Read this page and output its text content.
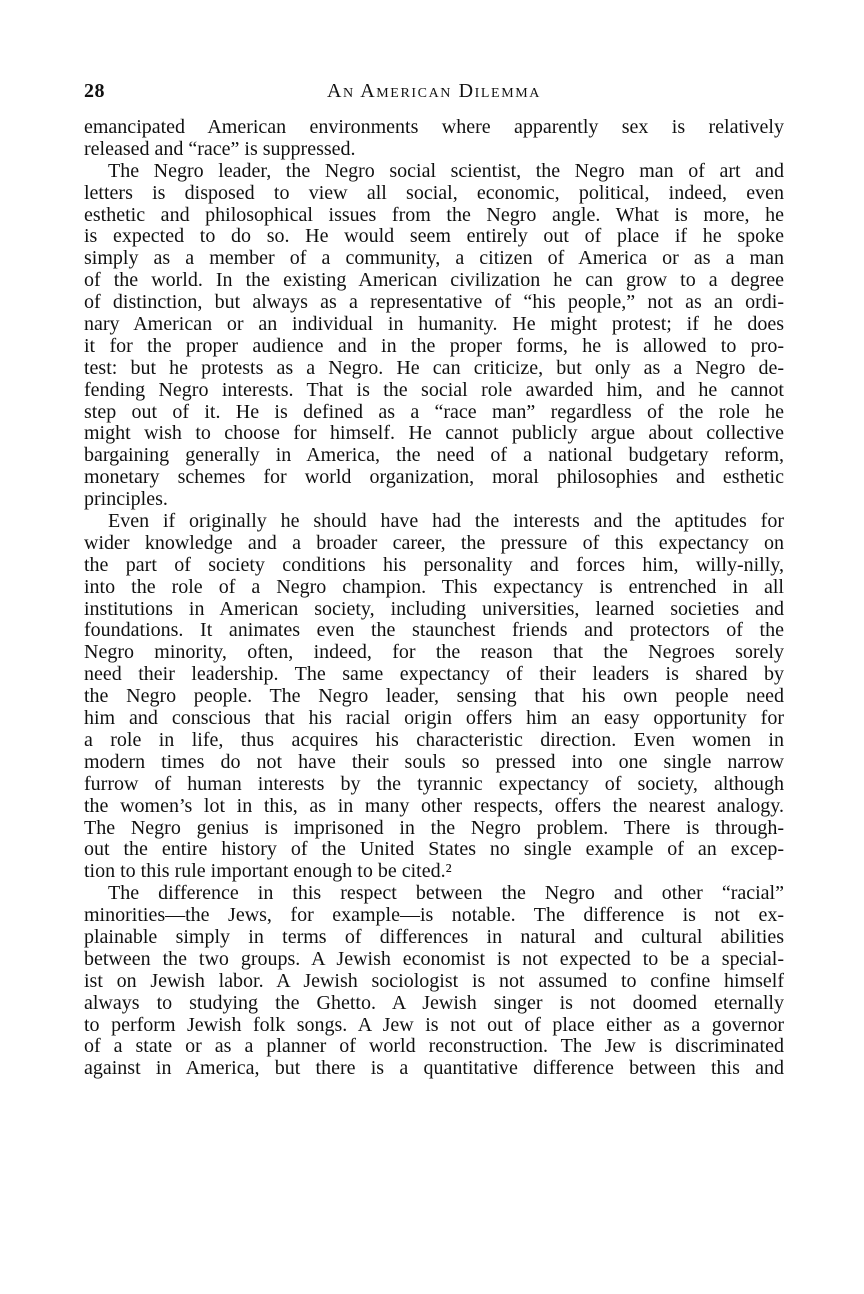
28	An American Dilemma
emancipated American environments where apparently sex is relatively
released and “race” is suppressed.
The Negro leader, the Negro social scientist, the Negro man of art and
letters is disposed to view all social, economic, political, indeed, even
esthetic and philosophical issues from the Negro angle. What is more, he
is expected to do so. He would seem entirely out of place if he spoke
simply as a member of a community, a citizen of America or as a man
of the world. In the existing American civilization he can grow to a degree
of distinction, but always as a representative of “his people,” not as an ordi-
nary American or an individual in humanity. He might protest; if he does
it for the proper audience and in the proper forms, he is allowed to pro-
test: but he protests as a Negro. He can criticize, but only as a Negro de-
fending Negro interests. That is the social role awarded him, and he cannot
step out of it. He is defined as a “race man” regardless of the role he
might wish to choose for himself. He cannot publicly argue about collective
bargaining generally in America, the need of a national budgetary reform,
monetary schemes for world organization, moral philosophies and esthetic
principles.
Even if originally he should have had the interests and the aptitudes for
wider knowledge and a broader career, the pressure of this expectancy on
the part of society conditions his personality and forces him, willy-nilly,
into the role of a Negro champion. This expectancy is entrenched in all
institutions in American society, including universities, learned societies and
foundations. It animates even the staunchest friends and protectors of the
Negro minority, often, indeed, for the reason that the Negroes sorely
need their leadership. The same expectancy of their leaders is shared by
the Negro people. The Negro leader, sensing that his own people need
him and conscious that his racial origin offers him an easy opportunity for
a role in life, thus acquires his characteristic direction. Even women in
modern times do not have their souls so pressed into one single narrow
furrow of human interests by the tyrannic expectancy of society, although
the women’s lot in this, as in many other respects, offers the nearest analogy.
The Negro genius is imprisoned in the Negro problem. There is through-
out the entire history of the United States no single example of an excep-
tion to this rule important enough to be cited.²
The difference in this respect between the Negro and other “racial”
minorities—the Jews, for example—is notable. The difference is not ex-
plainable simply in terms of differences in natural and cultural abilities
between the two groups. A Jewish economist is not expected to be a special-
ist on Jewish labor. A Jewish sociologist is not assumed to confine himself
always to studying the Ghetto. A Jewish singer is not doomed eternally
to perform Jewish folk songs. A Jew is not out of place either as a governor
of a state or as a planner of world reconstruction. The Jew is discriminated
against in America, but there is a quantitative difference between this and
